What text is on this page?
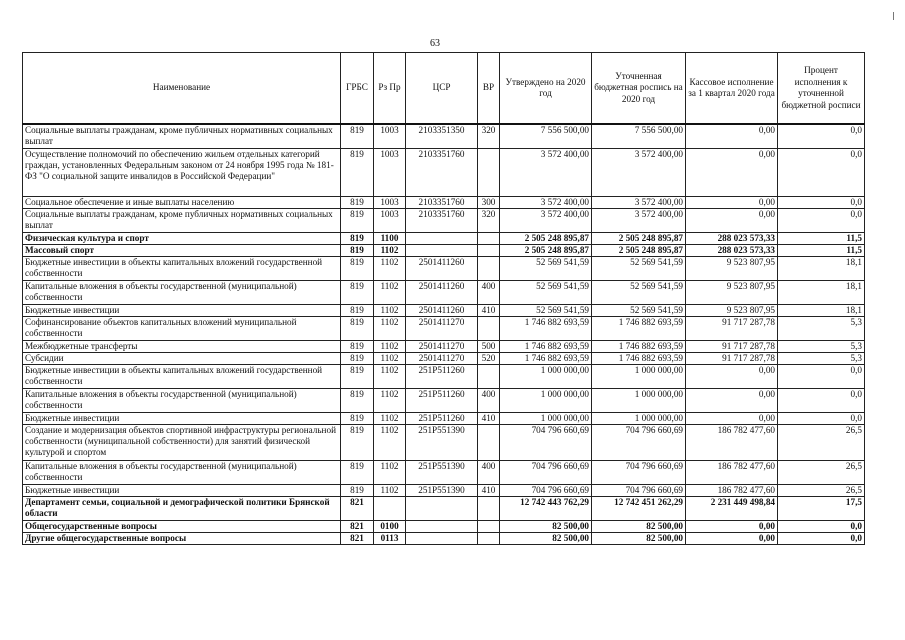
63
Наименование	ГРБС	Рз Пр	ЦСР	ВР	Утверждено на 2020 год	Уточненная бюджетная роспись на 2020 год	Кассовое исполнение за 1 квартал 2020 года	Процент исполнения к уточненной бюджетной росписи
Социальные выплаты гражданам, кроме публичных нормативных социальных выплат	819	1003	2103351350	320	7 556 500,00	7 556 500,00	0,00	0,0
Осуществление полномочий по обеспечению жильем отдельных категорий граждан, установленных Федеральным законом от 24 ноября 1995 года № 181-ФЗ "О социальной защите инвалидов в Российской Федерации"	819	1003	2103351760		3 572 400,00	3 572 400,00	0,00	0,0
Социальное обеспечение и иные выплаты населению	819	1003	2103351760	300	3 572 400,00	3 572 400,00	0,00	0,0
Социальные выплаты гражданам, кроме публичных нормативных социальных выплат	819	1003	2103351760	320	3 572 400,00	3 572 400,00	0,00	0,0
Физическая культура и спорт	819	1100			2 505 248 895,87	2 505 248 895,87	288 023 573,33	11,5
Массовый спорт	819	1102			2 505 248 895,87	2 505 248 895,87	288 023 573,33	11,5
Бюджетные инвестиции в объекты капитальных вложений государственной собственности	819	1102	2501411260		52 569 541,59	52 569 541,59	9 523 807,95	18,1
Капитальные вложения в объекты государственной (муниципальной) собственности	819	1102	2501411260	400	52 569 541,59	52 569 541,59	9 523 807,95	18,1
Бюджетные инвестиции	819	1102	2501411260	410	52 569 541,59	52 569 541,59	9 523 807,95	18,1
Софинансирование объектов капитальных вложений муниципальной собственности	819	1102	2501411270		1 746 882 693,59	1 746 882 693,59	91 717 287,78	5,3
Межбюджетные трансферты	819	1102	2501411270	500	1 746 882 693,59	1 746 882 693,59	91 717 287,78	5,3
Субсидии	819	1102	2501411270	520	1 746 882 693,59	1 746 882 693,59	91 717 287,78	5,3
Бюджетные инвестиции в объекты капитальных вложений государственной собственности	819	1102	251P511260		1 000 000,00	1 000 000,00	0,00	0,0
Капитальные вложения в объекты государственной (муниципальной) собственности	819	1102	251P511260	400	1 000 000,00	1 000 000,00	0,00	0,0
Бюджетные инвестиции	819	1102	251P511260	410	1 000 000,00	1 000 000,00	0,00	0,0
Создание и модернизация объектов спортивной инфраструктуры региональной собственности (муниципальной собственности) для занятий физической культурой и спортом	819	1102	251P551390		704 796 660,69	704 796 660,69	186 782 477,60	26,5
Капитальные вложения в объекты государственной (муниципальной) собственности	819	1102	251P551390	400	704 796 660,69	704 796 660,69	186 782 477,60	26,5
Бюджетные инвестиции	819	1102	251P551390	410	704 796 660,69	704 796 660,69	186 782 477,60	26,5
Департамент семьи, социальной и демографической политики Брянской области	821				12 742 443 762,29	12 742 451 262,29	2 231 449 498,84	17,5
Общегосударственные вопросы	821	0100			82 500,00	82 500,00	0,00	0,0
Другие общегосударственные вопросы	821	0113			82 500,00	82 500,00	0,00	0,0
